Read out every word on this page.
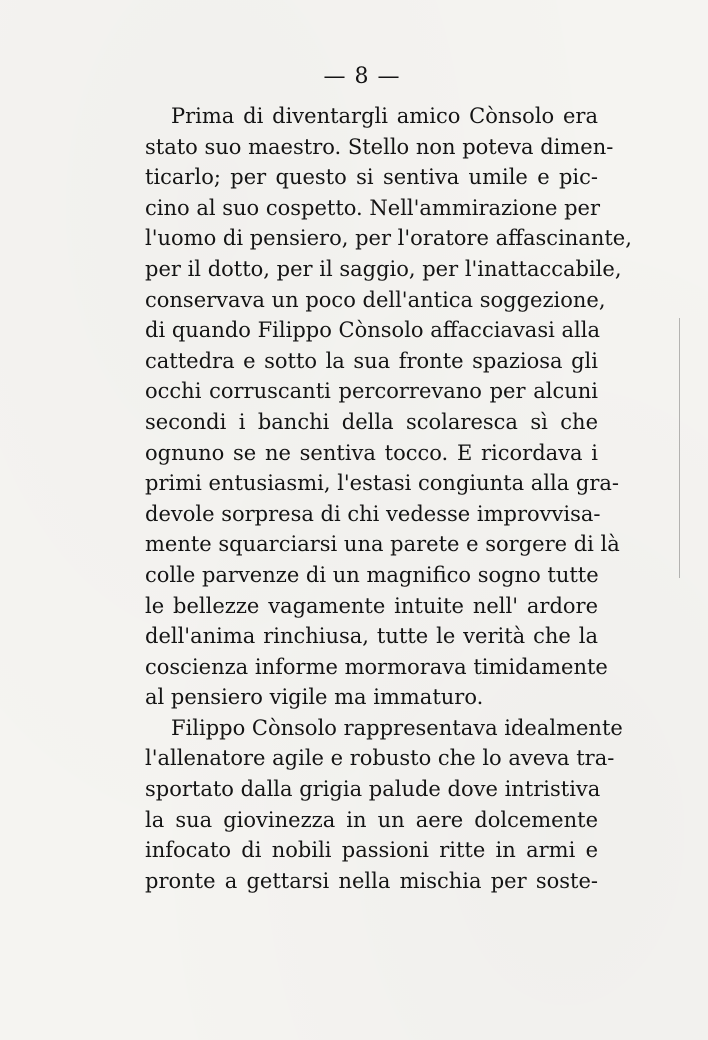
— 8 —
Prima di diventargli amico Cònsolo era
stato suo maestro. Stello non poteva dimen-
ticarlo; per questo si sentiva umile e pic-
cino al suo cospetto. Nell'ammirazione per
l'uomo di pensiero, per l'oratore affascinante,
per il dotto, per il saggio, per l'inattaccabile,
conservava un poco dell'antica soggezione,
di quando Filippo Cònsolo affacciavasi alla
cattedra e sotto la sua fronte spaziosa gli
occhi corruscanti percorrevano per alcuni
secondi i banchi della scolaresca sì che
ognuno se ne sentiva tocco. E ricordava i
primi entusiasmi, l'estasi congiunta alla gra-
devole sorpresa di chi vedesse improvvisa-
mente squarciarsi una parete e sorgere di là
colle parvenze di un magnifico sogno tutte
le bellezze vagamente intuite nell' ardore
dell'anima rinchiusa, tutte le verità che la
coscienza informe mormorava timidamente
al pensiero vigile ma immaturo.
Filippo Cònsolo rappresentava idealmente
l'allenatore agile e robusto che lo aveva tra-
sportato dalla grigia palude dove intristiva
la sua giovinezza in un aere dolcemente
infocato di nobili passioni ritte in armi e
pronte a gettarsi nella mischia per soste-
